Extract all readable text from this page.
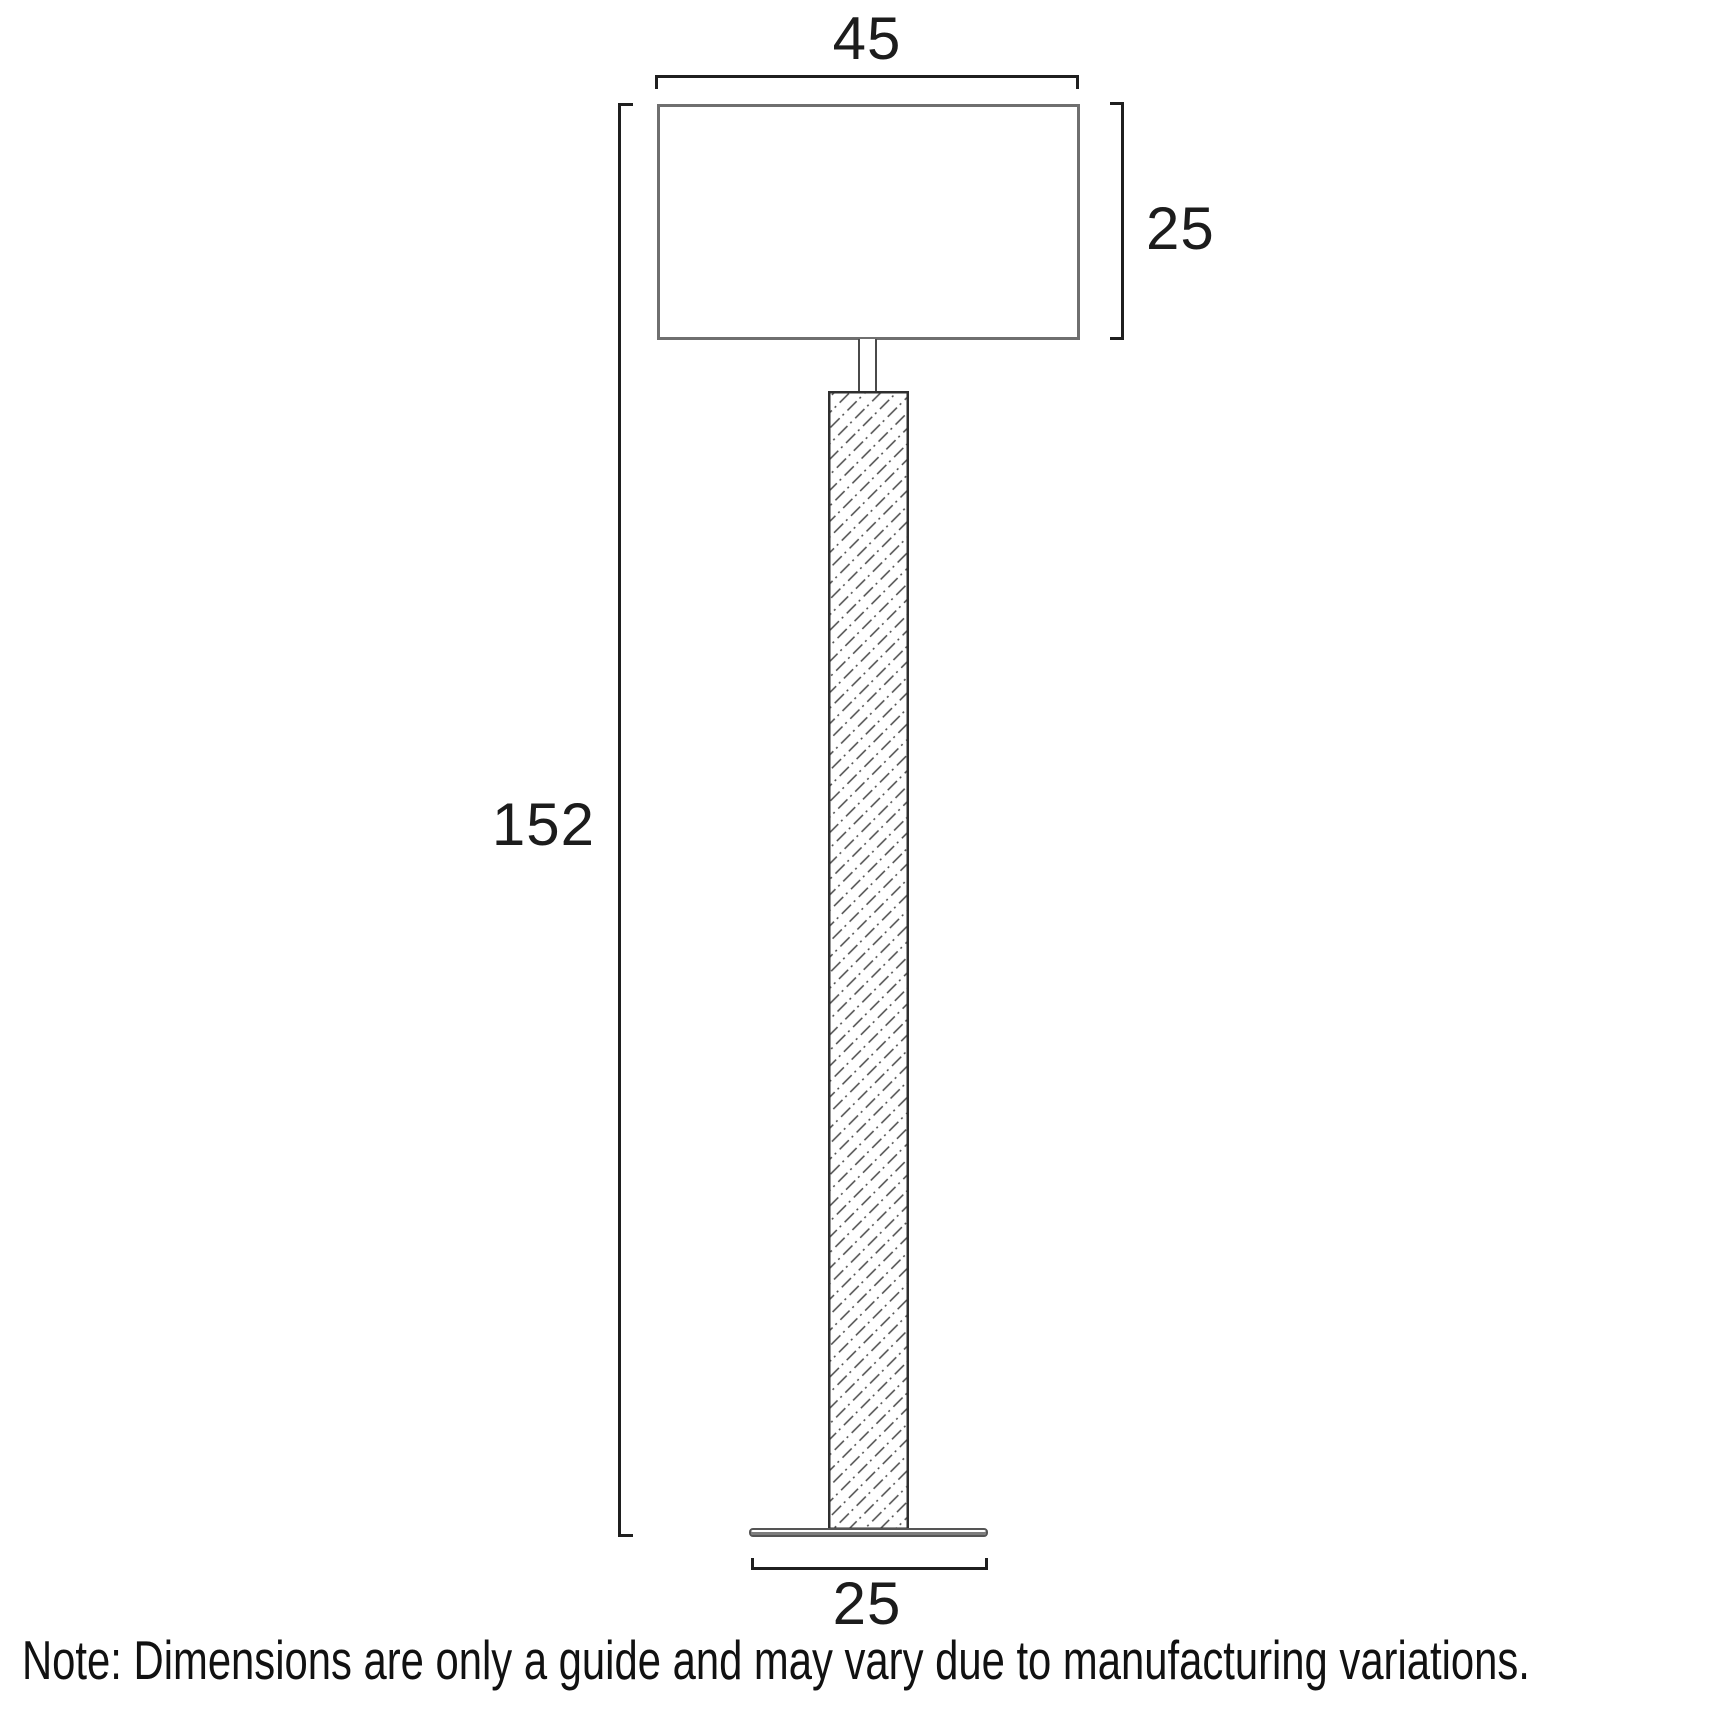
45
152
25
25
Note: Dimensions are only a guide and may vary due to manufacturing variations.
